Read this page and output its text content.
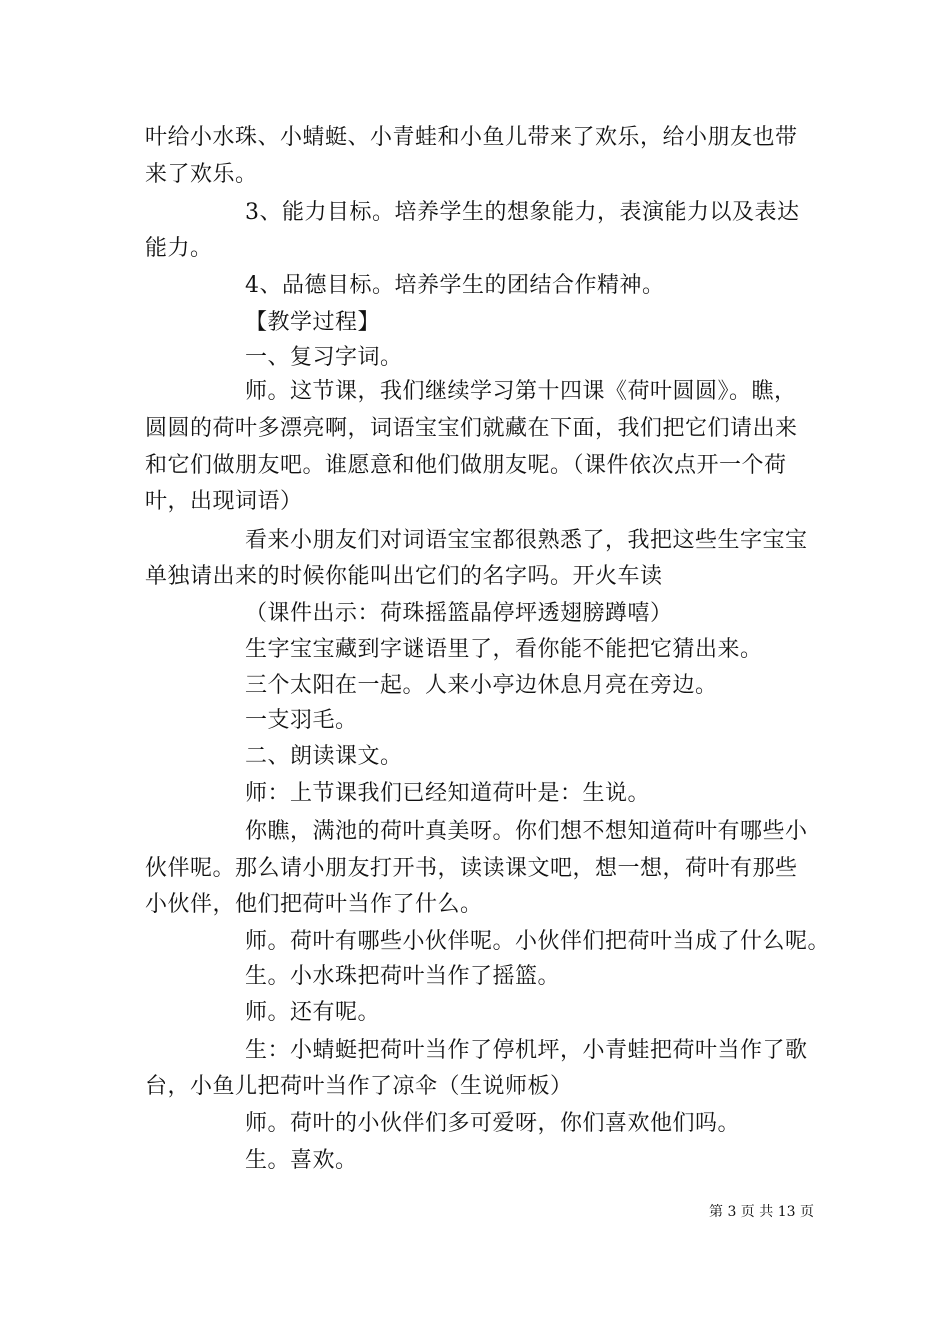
叶给小水珠、小蜻蜓、小青蛙和小鱼儿带来了欢乐，给小朋友也带
来了欢乐。
3、能力目标。培养学生的想象能力，表演能力以及表达
能力。
4、品德目标。培养学生的团结合作精神。
【教学过程】
一、复习字词。
师。这节课，我们继续学习第十四课《荷叶圆圆》。瞧，
圆圆的荷叶多漂亮啊，词语宝宝们就藏在下面，我们把它们请出来
和它们做朋友吧。谁愿意和他们做朋友呢。（课件依次点开一个荷
叶，出现词语）
看来小朋友们对词语宝宝都很熟悉了，我把这些生字宝宝
单独请出来的时候你能叫出它们的名字吗。开火车读
（课件出示：荷珠摇篮晶停坪透翅膀蹲嘻）
生字宝宝藏到字谜语里了，看你能不能把它猜出来。
三个太阳在一起。人来小亭边休息月亮在旁边。
一支羽毛。
二、朗读课文。
师：上节课我们已经知道荷叶是：生说。
你瞧，满池的荷叶真美呀。你们想不想知道荷叶有哪些小
伙伴呢。那么请小朋友打开书，读读课文吧，想一想，荷叶有那些
小伙伴，他们把荷叶当作了什么。
师。荷叶有哪些小伙伴呢。小伙伴们把荷叶当成了什么呢。
生。小水珠把荷叶当作了摇篮。
师。还有呢。
生：小蜻蜓把荷叶当作了停机坪，小青蛙把荷叶当作了歌
台，小鱼儿把荷叶当作了凉伞（生说师板）
师。荷叶的小伙伴们多可爱呀，你们喜欢他们吗。
生。喜欢。
第 3 页 共 13 页
